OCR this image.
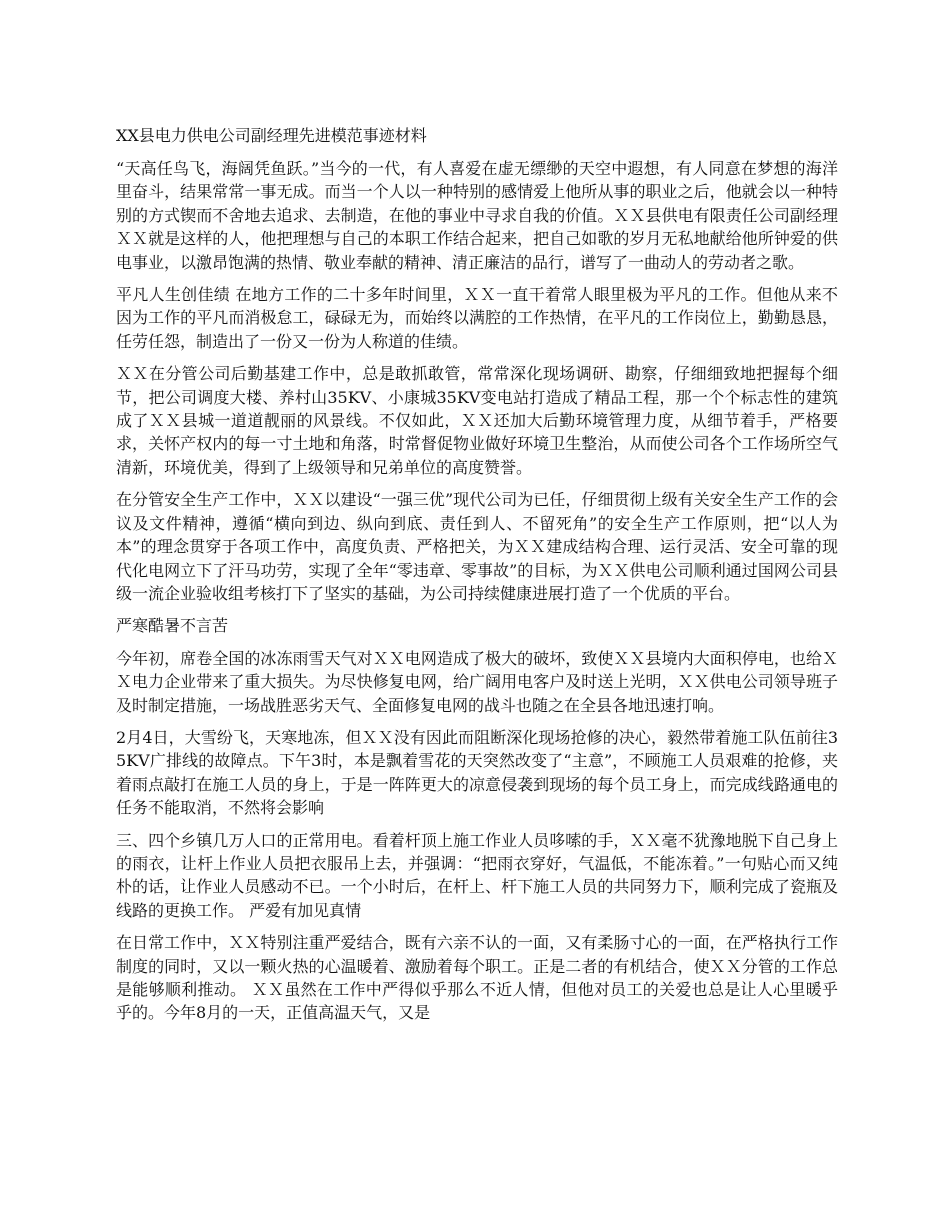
XX县电力供电公司副经理先进模范事迹材料

“天高任鸟飞，海阔凭鱼跃。”当今的一代，有人喜爱在虚无缥缈的天空中遐想，有人同意在梦想的海洋里奋斗，结果常常一事无成。而当一个人以一种特别的感情爱上他所从事的职业之后，他就会以一种特别的方式锲而不舍地去追求、去制造，在他的事业中寻求自我的价值。ＸＸ县供电有限责任公司副经理ＸＸ就是这样的人，他把理想与自己的本职工作结合起来，把自己如歌的岁月无私地献给他所钟爱的供电事业，以激昂饱满的热情、敬业奉献的精神、清正廉洁的品行，谱写了一曲动人的劳动者之歌。

平凡人生创佳绩 在地方工作的二十多年时间里，ＸＸ一直干着常人眼里极为平凡的工作。但他从来不因为工作的平凡而消极怠工，碌碌无为，而始终以满腔的工作热情，在平凡的工作岗位上，勤勤恳恳，任劳任怨，制造出了一份又一份为人称道的佳绩。

ＸＸ在分管公司后勤基建工作中，总是敢抓敢管，常常深化现场调研、勘察，仔细细致地把握每个细节，把公司调度大楼、养村山35KV、小康城35KV变电站打造成了精品工程，那一个个标志性的建筑成了ＸＸ县城一道道靓丽的风景线。不仅如此，ＸＸ还加大后勤环境管理力度，从细节着手，严格要求，关怀产权内的每一寸土地和角落，时常督促物业做好环境卫生整治，从而使公司各个工作场所空气清新，环境优美，得到了上级领导和兄弟单位的高度赞誉。

在分管安全生产工作中，ＸＸ以建设“一强三优”现代公司为已任，仔细贯彻上级有关安全生产工作的会议及文件精神，遵循“横向到边、纵向到底、责任到人、不留死角”的安全生产工作原则，把“以人为本”的理念贯穿于各项工作中，高度负责、严格把关，为ＸＸ建成结构合理、运行灵活、安全可靠的现代化电网立下了汗马功劳，实现了全年“零违章、零事故”的目标，为ＸＸ供电公司顺利通过国网公司县级一流企业验收组考核打下了坚实的基础，为公司持续健康进展打造了一个优质的平台。

严寒酷暑不言苦

今年初，席卷全国的冰冻雨雪天气对ＸＸ电网造成了极大的破坏，致使ＸＸ县境内大面积停电，也给ＸＸ电力企业带来了重大损失。为尽快修复电网，给广阔用电客户及时送上光明，ＸＸ供电公司领导班子及时制定措施，一场战胜恶劣天气、全面修复电网的战斗也随之在全县各地迅速打响。

2月4日，大雪纷飞，天寒地冻，但ＸＸ没有因此而阻断深化现场抢修的决心，毅然带着施工队伍前往35KV广排线的故障点。下午3时，本是飘着雪花的天突然改变了“主意”，不顾施工人员艰难的抢修，夹着雨点敲打在施工人员的身上，于是一阵阵更大的凉意侵袭到现场的每个员工身上，而完成线路通电的任务不能取消，不然将会影响

三、四个乡镇几万人口的正常用电。看着杆顶上施工作业人员哆嗦的手，ＸＸ毫不犹豫地脱下自己身上的雨衣，让杆上作业人员把衣服吊上去，并强调：“把雨衣穿好，气温低，不能冻着。”一句贴心而又纯朴的话，让作业人员感动不已。一个小时后，在杆上、杆下施工人员的共同努力下，顺利完成了瓷瓶及线路的更换工作。 严爱有加见真情

在日常工作中，ＸＸ特别注重严爱结合，既有六亲不认的一面，又有柔肠寸心的一面，在严格执行工作制度的同时，又以一颗火热的心温暖着、激励着每个职工。正是二者的有机结合，使ＸＸ分管的工作总是能够顺利推动。 ＸＸ虽然在工作中严得似乎那么不近人情，但他对员工的关爱也总是让人心里暖乎乎的。今年8月的一天，正值高温天气，又是
